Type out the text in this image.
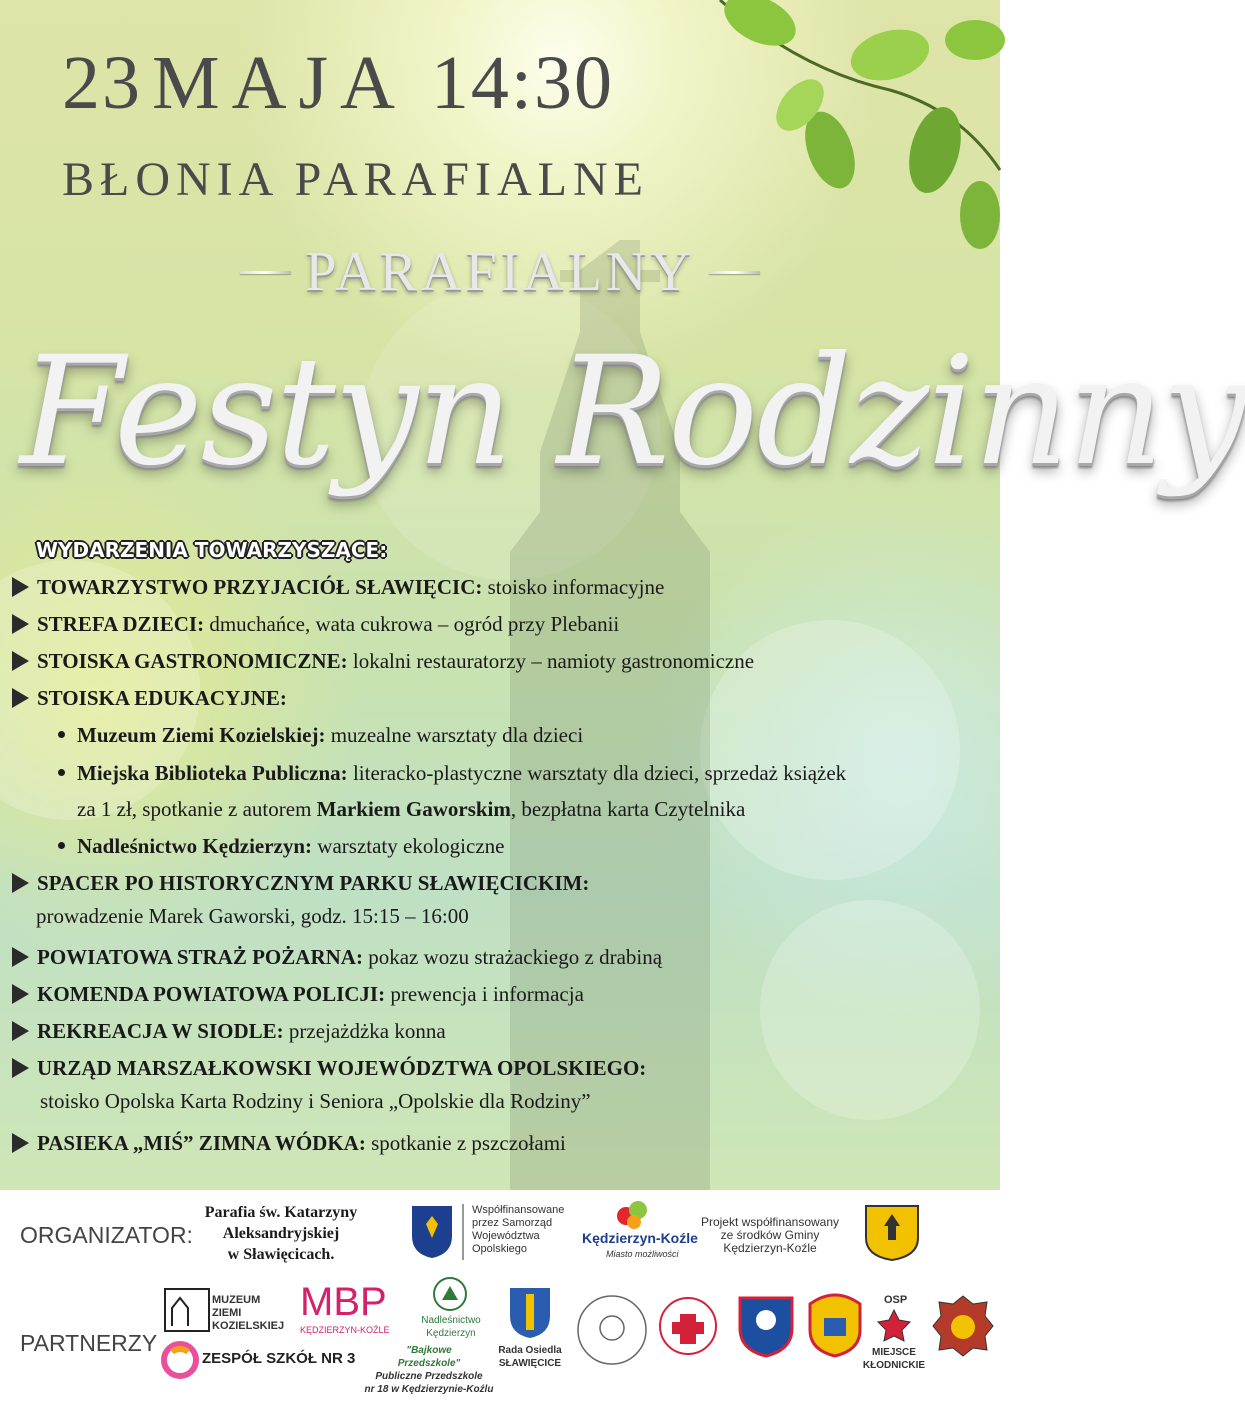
23 MAJA 14:30
BŁONIA PARAFIALNE
PARAFIALNY
Festyn Rodzinny
WYDARZENIA TOWARZYSZĄCE:
TOWARZYSTWO PRZYJACIÓŁ SŁAWIĘCIC: stoisko informacyjne
STREFA DZIECI: dmuchańce, wata cukrowa – ogród przy Plebanii
STOISKA GASTRONOMICZNE: lokalni restauratorzy – namioty gastronomiczne
STOISKA EDUKACYJNE:
Muzeum Ziemi Kozielskiej: muzealne warsztaty dla dzieci
Miejska Biblioteka Publiczna: literacko-plastyczne warsztaty dla dzieci, sprzedaż książek
za 1 zł, spotkanie z autorem Markiem Gaworskim, bezpłatna karta Czytelnika
Nadleśnictwo Kędzierzyn: warsztaty ekologiczne
SPACER PO HISTORYCZNYM PARKU SŁAWIĘCICKIM:
prowadzenie Marek Gaworski, godz. 15:15 – 16:00
POWIATOWA STRAŻ POŻARNA: pokaz wozu strażackiego z drabiną
KOMENDA POWIATOWA POLICJI: prewencja i informacja
REKREACJA W SIODLE: przejażdżka konna
URZĄD MARSZAŁKOWSKI WOJEWÓDZTWA OPOLSKIEGO:
stoisko Opolska Karta Rodziny i Seniora „Opolskie dla Rodziny”
PASIEKA „MIŚ” ZIMNA WÓDKA: spotkanie z pszczołami
ORGANIZATOR:
Parafia św. Katarzyny
Aleksandryjskiej
w Sławięcicach.
Współfinansowane
przez Samorząd
Województwa
Opolskiego
Kędzierzyn-Koźle
Miasto możliwości
Projekt współfinansowany
ze środków Gminy
Kędzierzyn-Koźle
PARTNERZY
MUZEUM
ZIEMI
KOZIELSKIEJ
MBP
KĘDZIERZYN-KOŹLE
Nadleśnictwo
Kędzierzyn
Rada Osiedla
SŁAWIĘCICE
OSP
MIEJSCE
KŁODNICKIE
ZESPÓŁ SZKÓŁ NR 3	"Bajkowe
Przedszkole"
Publiczne Przedszkole
nr 18 w Kędzierzynie-Koźlu
